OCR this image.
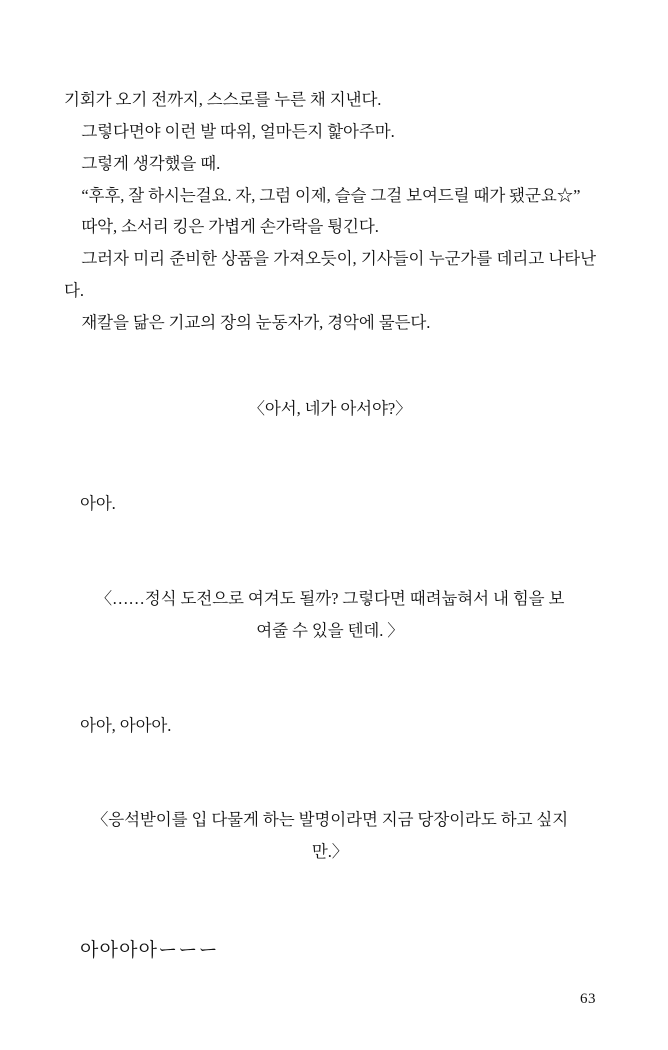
기회가 오기 전까지, 스스로를 누른 채 지낸다.

그렇다면야 이런 발 따위, 얼마든지 핥아주마.

그렇게 생각했을 때.

“후후, 잘 하시는걸요. 자, 그럼 이제, 슬슬 그걸 보여드릴 때가 됐군요☆”

따악, 소서리 킹은 가볍게 손가락을 튕긴다.

그러자 미리 준비한 상품을 가져오듯이, 기사들이 누군가를 데리고 나타난다.

재칼을 닮은 기교의 장의 눈동자가, 경악에 물든다.

〈아서, 네가 아서야?〉

아아.

〈……정식 도전으로 여겨도 될까? 그렇다면 때려눕혀서 내 힘을 보여줄 수 있을 텐데. 〉

아아, 아아아.

〈응석받이를 입 다물게 하는 발명이라면 지금 당장이라도 하고 싶지만.〉

아아아아ーーー

63
